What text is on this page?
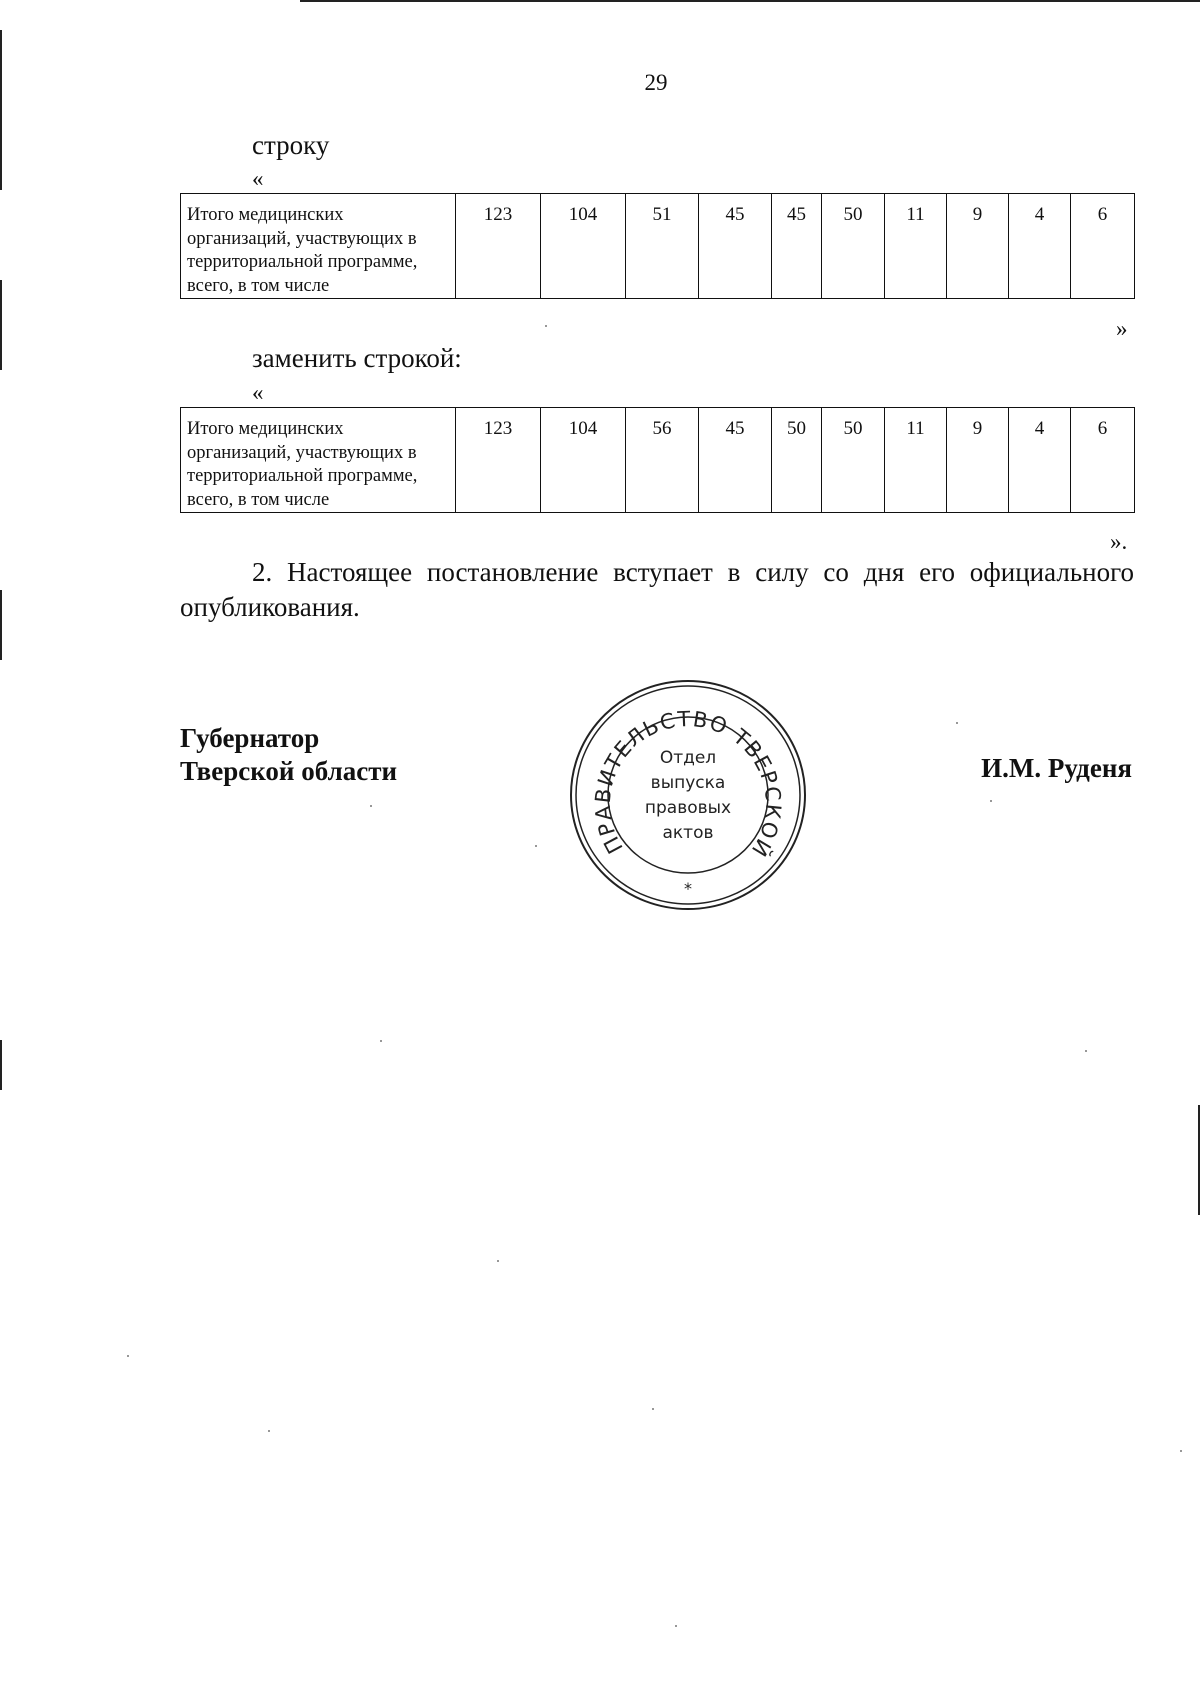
29
строку
«
Итого медицинских организаций, участвующих в территориальной программе, всего, в том числе	123	104	51	45	45	50	11	9	4	6
»
заменить строкой:
«
Итого медицинских организаций, участвующих в территориальной программе, всего, в том числе	123	104	56	45	50	50	11	9	4	6
».
2. Настоящее постановление вступает в силу со дня его официального опубликования.
Губернатор
Тверской области	И.М. Руденя
ПРАВИТЕЛЬСТВО ТВЕРСКОЙ
Отдел
выпуска
правовых
актов
*
